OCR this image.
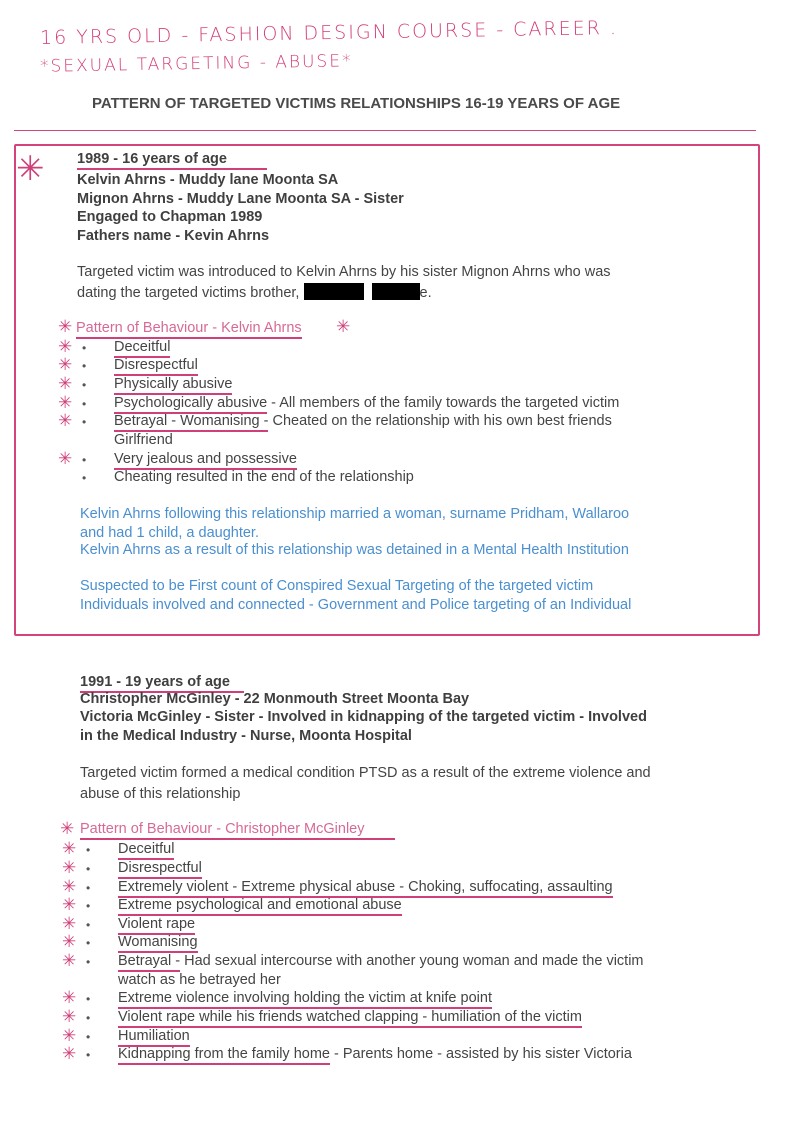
16 YRS OLD - FASHION DESIGN COURSE - CAREER .
*SEXUAL TARGETING - ABUSE*
PATTERN OF TARGETED VICTIMS RELATIONSHIPS 16-19 YEARS OF AGE
✳ 1989 - 16 years of age
Kelvin Ahrns - Muddy lane Moonta SA
Mignon Ahrns - Muddy Lane Moonta SA - Sister
Engaged to Chapman 1989
Fathers name - Kevin Ahrns
Targeted victim was introduced to Kelvin Ahrns by his sister Mignon Ahrns who was
dating the targeted victims brother,	e.
✳ Pattern of Behaviour - Kelvin Ahrns ✳
Deceitful
•
✳
Disrespectful
•
✳
Physically abusive
•
✳
Psychologically abusive - All members of the family towards the targeted victim
•
✳
Betrayal - Womanising - Cheated on the relationship with his own best friends
•
✳
Girlfriend
Very jealous and possessive
•
✳
Cheating resulted in the end of the relationship
•
Kelvin Ahrns following this relationship married a woman, surname Pridham, Wallaroo
and had 1 child, a daughter.
Kelvin Ahrns as a result of this relationship was detained in a Mental Health Institution
Suspected to be First count of Conspired Sexual Targeting of the targeted victim
Individuals involved and connected - Government and Police targeting of an Individual
1991 - 19 years of age
Christopher McGinley - 22 Monmouth Street Moonta Bay
Victoria McGinley - Sister - Involved in kidnapping of the targeted victim - Involved
in the Medical Industry - Nurse, Moonta Hospital
Targeted victim formed a medical condition PTSD as a result of the extreme violence and
abuse of this relationship
✳ Pattern of Behaviour - Christopher McGinley
Deceitful
•
✳
Disrespectful
•
✳
Extremely violent - Extreme physical abuse - Choking, suffocating, assaulting
•
✳
Extreme psychological and emotional abuse
•
✳
Violent rape
•
✳
Womanising
•
✳
Betrayal - Had sexual intercourse with another young woman and made the victim
•
✳
watch as he betrayed her
Extreme violence involving holding the victim at knife point
•
✳
Violent rape while his friends watched clapping - humiliation of the victim
•
✳
Humiliation
•
✳
Kidnapping from the family home - Parents home - assisted by his sister Victoria
•
✳
